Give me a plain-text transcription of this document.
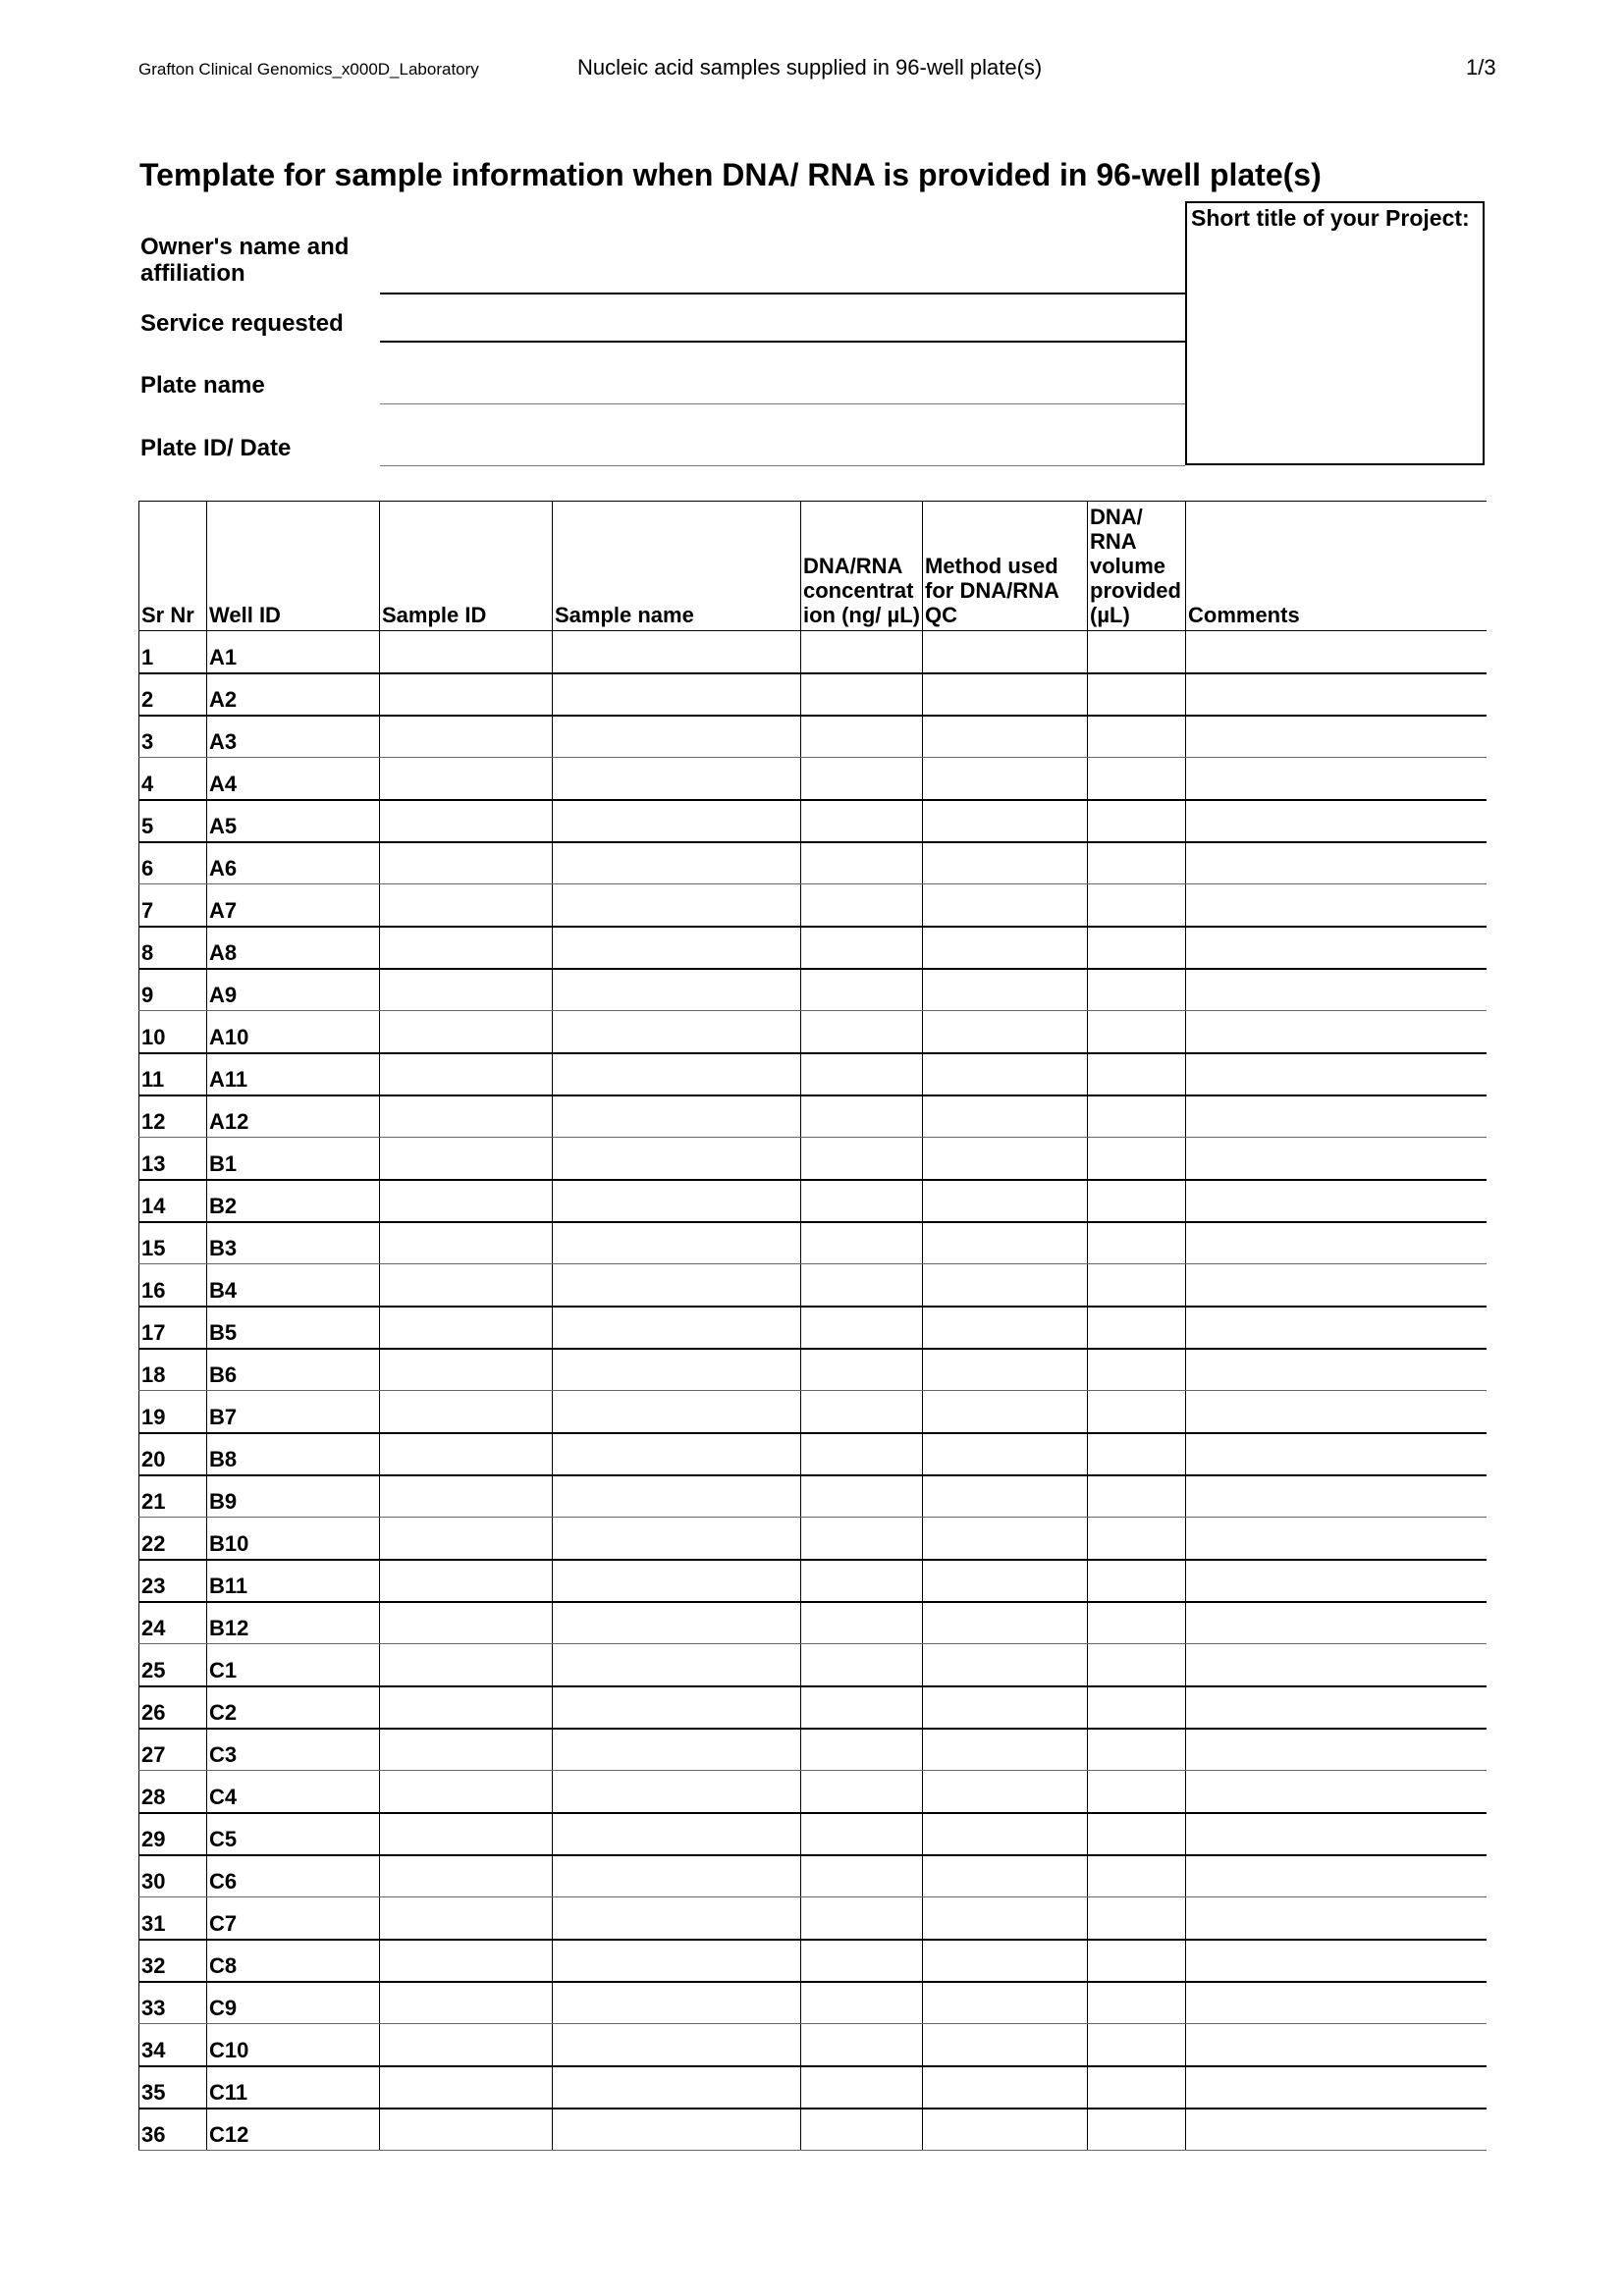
Grafton Clinical Genomics_x000D_Laboratory	Nucleic acid samples supplied in 96-well plate(s)	1/3
Template for sample information when DNA/ RNA is provided in 96-well plate(s)
Owner's name and affiliation
Service requested
Plate name
Plate ID/ Date
Short title of your Project:
Sr Nr	Well ID	Sample ID	Sample name	DNA/RNA concentrat ion (ng/ µL)	Method used for DNA/RNA QC	DNA/ RNA volume provided (µL)	Comments
1	A1						
2	A2						
3	A3						
4	A4						
5	A5						
6	A6						
7	A7						
8	A8						
9	A9						
10	A10						
11	A11						
12	A12						
13	B1						
14	B2						
15	B3						
16	B4						
17	B5						
18	B6						
19	B7						
20	B8						
21	B9						
22	B10						
23	B11						
24	B12						
25	C1						
26	C2						
27	C3						
28	C4						
29	C5						
30	C6						
31	C7						
32	C8						
33	C9						
34	C10						
35	C11						
36	C12						
